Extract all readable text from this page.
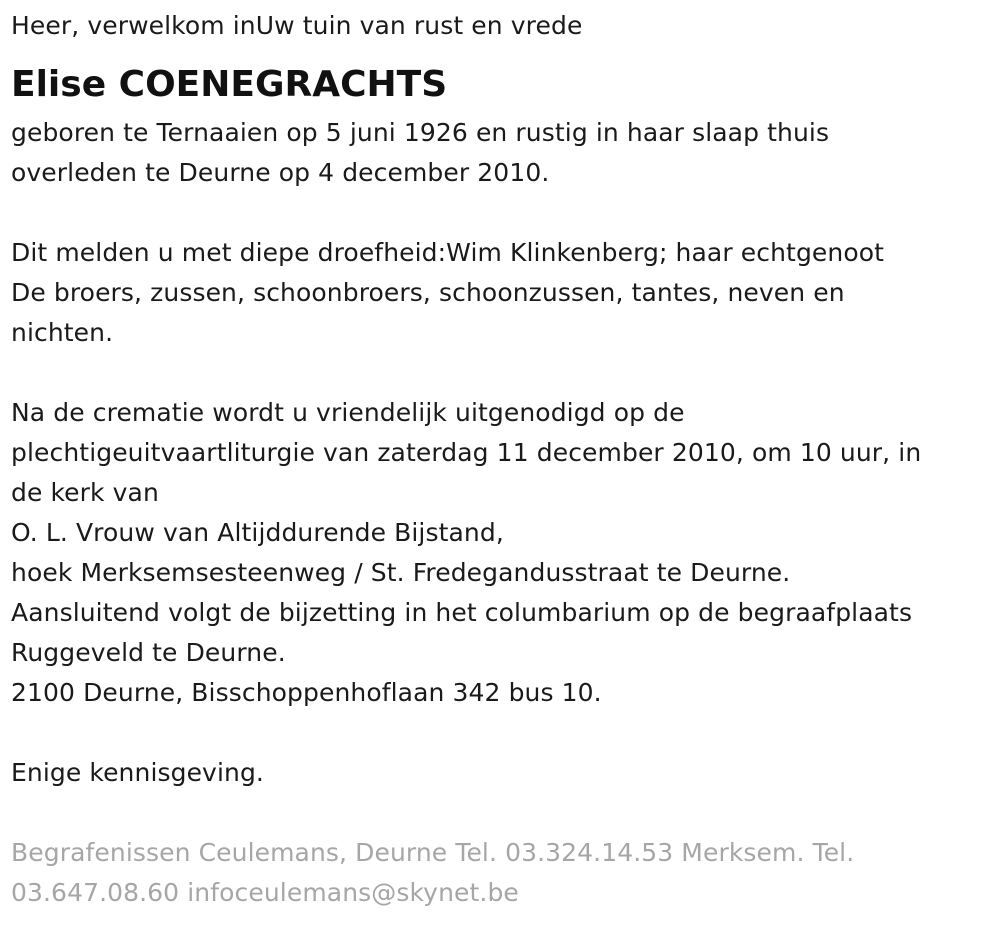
Heer, verwelkom inUw tuin van rust en vrede
Elise COENEGRACHTS
geboren te Ternaaien op 5 juni 1926 en rustig in haar slaap thuis
overleden te Deurne op 4 december 2010.
Dit melden u met diepe droefheid:Wim Klinkenberg; haar echtgenoot
De broers, zussen, schoonbroers, schoonzussen, tantes, neven en
nichten.
Na de crematie wordt u vriendelijk uitgenodigd op de
plechtigeuitvaartliturgie van zaterdag 11 december 2010, om 10 uur, in
de kerk van
O. L. Vrouw van Altijddurende Bijstand,
hoek Merksemsesteenweg / St. Fredegandusstraat te Deurne.
Aansluitend volgt de bijzetting in het columbarium op de begraafplaats
Ruggeveld te Deurne.
2100 Deurne, Bisschoppenhoflaan 342 bus 10.
Enige kennisgeving.
Begrafenissen Ceulemans, Deurne Tel. 03.324.14.53 Merksem. Tel.
03.647.08.60 infoceulemans@skynet.be
